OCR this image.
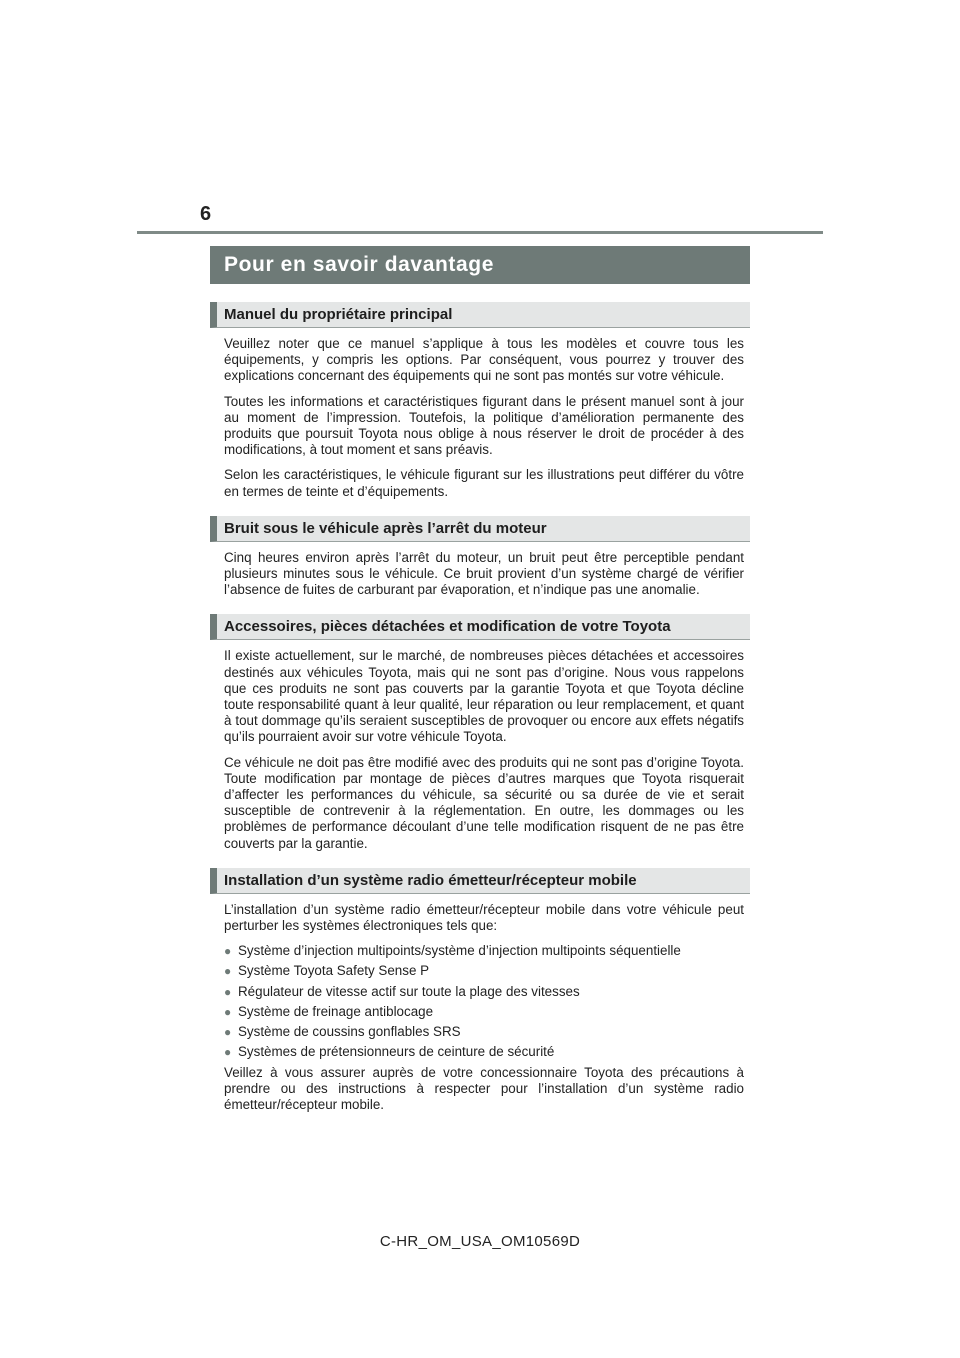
6
Pour en savoir davantage
Manuel du propriétaire principal

Veuillez noter que ce manuel s’applique à tous les modèles et couvre tous les équipements, y compris les options. Par conséquent, vous pourrez y trouver des explications concernant des équipements qui ne sont pas montés sur votre véhicule.

Toutes les informations et caractéristiques figurant dans le présent manuel sont à jour au moment de l’impression. Toutefois, la politique d’amélioration permanente des produits que poursuit Toyota nous oblige à nous réserver le droit de procéder à des modifications, à tout moment et sans préavis.

Selon les caractéristiques, le véhicule figurant sur les illustrations peut différer du vôtre en termes de teinte et d’équipements.

Bruit sous le véhicule après l’arrêt du moteur

Cinq heures environ après l’arrêt du moteur, un bruit peut être perceptible pendant plusieurs minutes sous le véhicule. Ce bruit provient d’un système chargé de vérifier l’absence de fuites de carburant par évaporation, et n’indique pas une anomalie.

Accessoires, pièces détachées et modification de votre Toyota

Il existe actuellement, sur le marché, de nombreuses pièces détachées et accessoires destinés aux véhicules Toyota, mais qui ne sont pas d’origine. Nous vous rappelons que ces produits ne sont pas couverts par la garantie Toyota et que Toyota décline toute responsabilité quant à leur qualité, leur réparation ou leur remplacement, et quant à tout dommage qu’ils seraient susceptibles de provoquer ou encore aux effets négatifs qu’ils pourraient avoir sur votre véhicule Toyota.

Ce véhicule ne doit pas être modifié avec des produits qui ne sont pas d’origine Toyota. Toute modification par montage de pièces d’autres marques que Toyota risquerait d’affecter les performances du véhicule, sa sécurité ou sa durée de vie et serait susceptible de contrevenir à la réglementation. En outre, les dommages ou les problèmes de performance découlant d’une telle modification risquent de ne pas être couverts par la garantie.

Installation d’un système radio émetteur/récepteur mobile

L’installation d’un système radio émetteur/récepteur mobile dans votre véhicule peut perturber les systèmes électroniques tels que:

● Système d’injection multipoints/système d’injection multipoints séquentielle
● Système Toyota Safety Sense P
● Régulateur de vitesse actif sur toute la plage des vitesses
● Système de freinage antiblocage
● Système de coussins gonflables SRS
● Systèmes de prétensionneurs de ceinture de sécurité

Veillez à vous assurer auprès de votre concessionnaire Toyota des précautions à prendre ou des instructions à respecter pour l’installation d’un système radio émetteur/récepteur mobile.

C-HR_OM_USA_OM10569D
